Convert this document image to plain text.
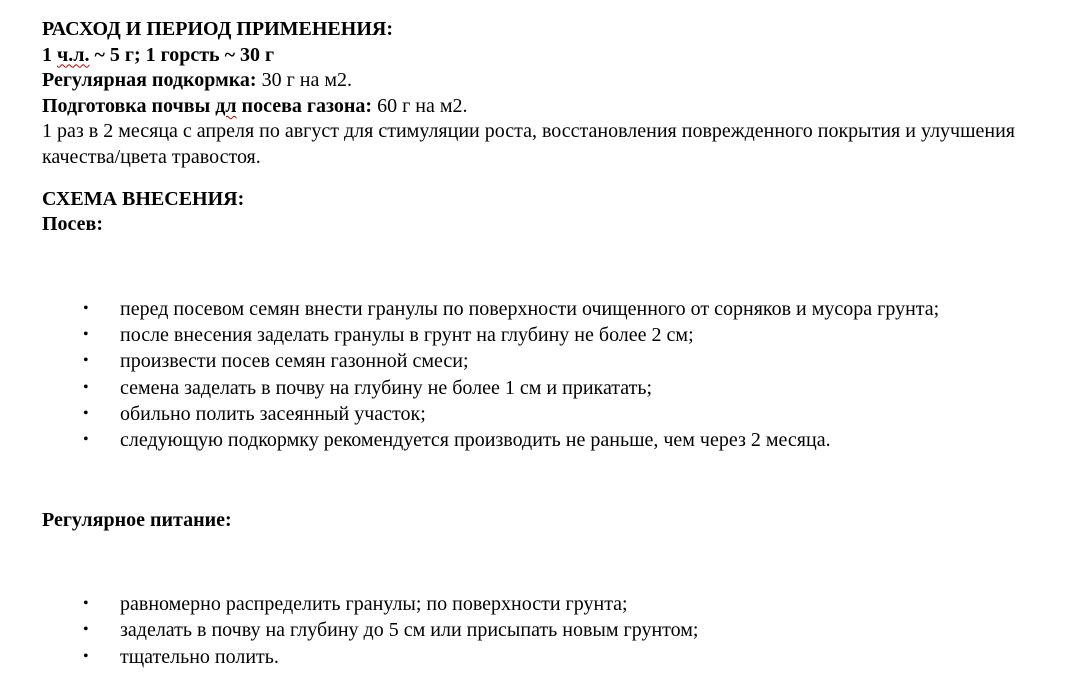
РАСХОД И ПЕРИОД ПРИМЕНЕНИЯ:
1 ч.л. ~ 5 г; 1 горсть ~ 30 г
Регулярная подкормка: 30 г на м2.
Подготовка почвы дл посева газона: 60 г на м2.
1 раз в 2 месяца с апреля по август для стимуляции роста, восстановления поврежденного покрытия и улучшения качества/цвета травостоя.
СХЕМА ВНЕСЕНИЯ:
Посев:
• перед посевом семян внести гранулы по поверхности очищенного от сорняков и мусора грунта;
• после внесения заделать гранулы в грунт на глубину не более 2 см;
• произвести посев семян газонной смеси;
• семена заделать в почву на глубину не более 1 см и прикатать;
• обильно полить засеянный участок;
• следующую подкормку рекомендуется производить не раньше, чем через 2 месяца.
Регулярное питание:
• равномерно распределить гранулы; по поверхности грунта;
• заделать в почву на глубину до 5 см или присыпать новым грунтом;
• тщательно полить.
